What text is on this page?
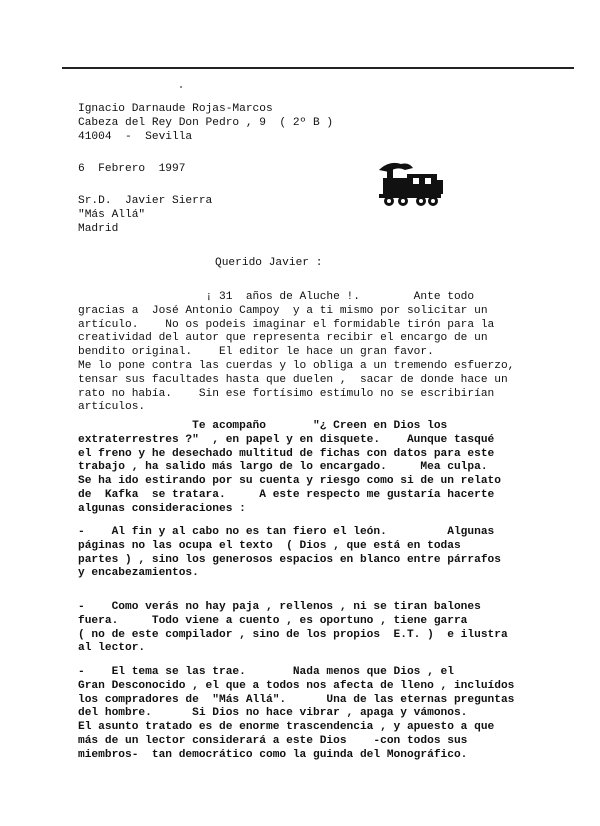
Ignacio Darnaude Rojas-Marcos
Cabeza del Rey Don Pedro , 9  ( 2º B )
41004  -  Sevilla
6  Febrero  1997
Sr.D.  Javier Sierra
"Más Allá"
Madrid
Querido Javier :
¡ 31  años de Aluche !.        Ante todo
gracias a  José Antonio Campoy  y a ti mismo por solicitar un
artículo.    No os podeis imaginar el formidable tirón para la
creatividad del autor que representa recibir el encargo de un
bendito original.    El editor le hace un gran favor.
Me lo pone contra las cuerdas y lo obliga a un tremendo esfuerzo,
tensar sus facultades hasta que duelen ,  sacar de donde hace un
rato no había.    Sin ese fortísimo estímulo no se escribirían
artículos.
Te acompaño       "¿ Creen en Dios los
extraterrestres ?"  , en papel y en disquete.    Aunque tasqué
el freno y he desechado multitud de fichas con datos para este
trabajo , ha salido más largo de lo encargado.     Mea culpa.
Se ha ido estirando por su cuenta y riesgo como si de un relato
de  Kafka  se tratara.     A este respecto me gustaría hacerte
algunas consideraciones :
-    Al fin y al cabo no es tan fiero el león.         Algunas
páginas no las ocupa el texto  ( Dios , que está en todas
partes ) , sino los generosos espacios en blanco entre párrafos
y encabezamientos.
-    Como verás no hay paja , rellenos , ni se tiran balones
fuera.     Todo viene a cuento , es oportuno , tiene garra
( no de este compilador , sino de los propios  E.T. )  e ilustra
al lector.
-    El tema se las trae.       Nada menos que Dios , el
Gran Desconocido , el que a todos nos afecta de lleno , incluídos
los compradores de  "Más Allá".      Una de las eternas preguntas
del hombre.      Si Dios no hace vibrar , apaga y vámonos.
El asunto tratado es de enorme trascendencia , y apuesto a que
más de un lector considerará a este Dios    -con todos sus
miembros-  tan democrático como la guinda del Monográfico.
